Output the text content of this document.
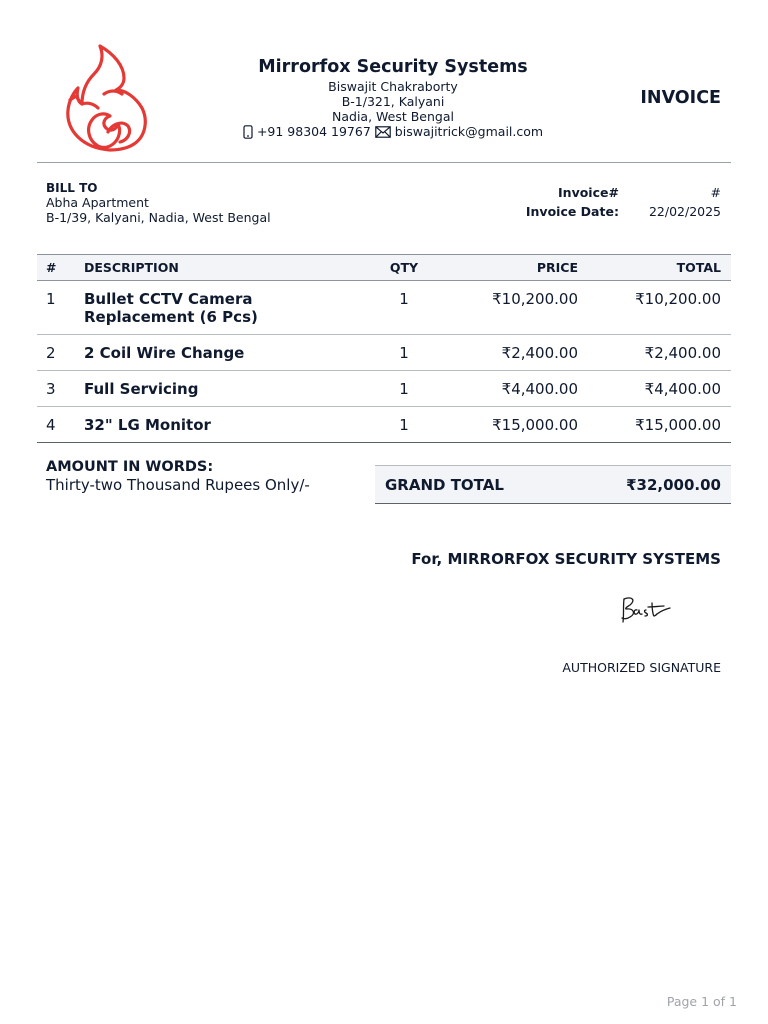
Mirrorfox Security Systems
Biswajit Chakraborty
B-1/321, Kalyani
Nadia, West Bengal
+91 98304 19767 biswajitrick@gmail.com
INVOICE
BILL TO
Abha Apartment
B-1/39, Kalyani, Nadia, West Bengal
Invoice#	#
Invoice Date:	22/02/2025
#	DESCRIPTION	QTY	PRICE	TOTAL
1	Bullet CCTV Camera Replacement (6 Pcs)	1	₹10,200.00	₹10,200.00
2	2 Coil Wire Change	1	₹2,400.00	₹2,400.00
3	Full Servicing	1	₹4,400.00	₹4,400.00
4	32" LG Monitor	1	₹15,000.00	₹15,000.00
AMOUNT IN WORDS:
Thirty-two Thousand Rupees Only/-	GRAND TOTAL	₹32,000.00
For, MIRRORFOX SECURITY SYSTEMS
AUTHORIZED SIGNATURE
Page 1 of 1
